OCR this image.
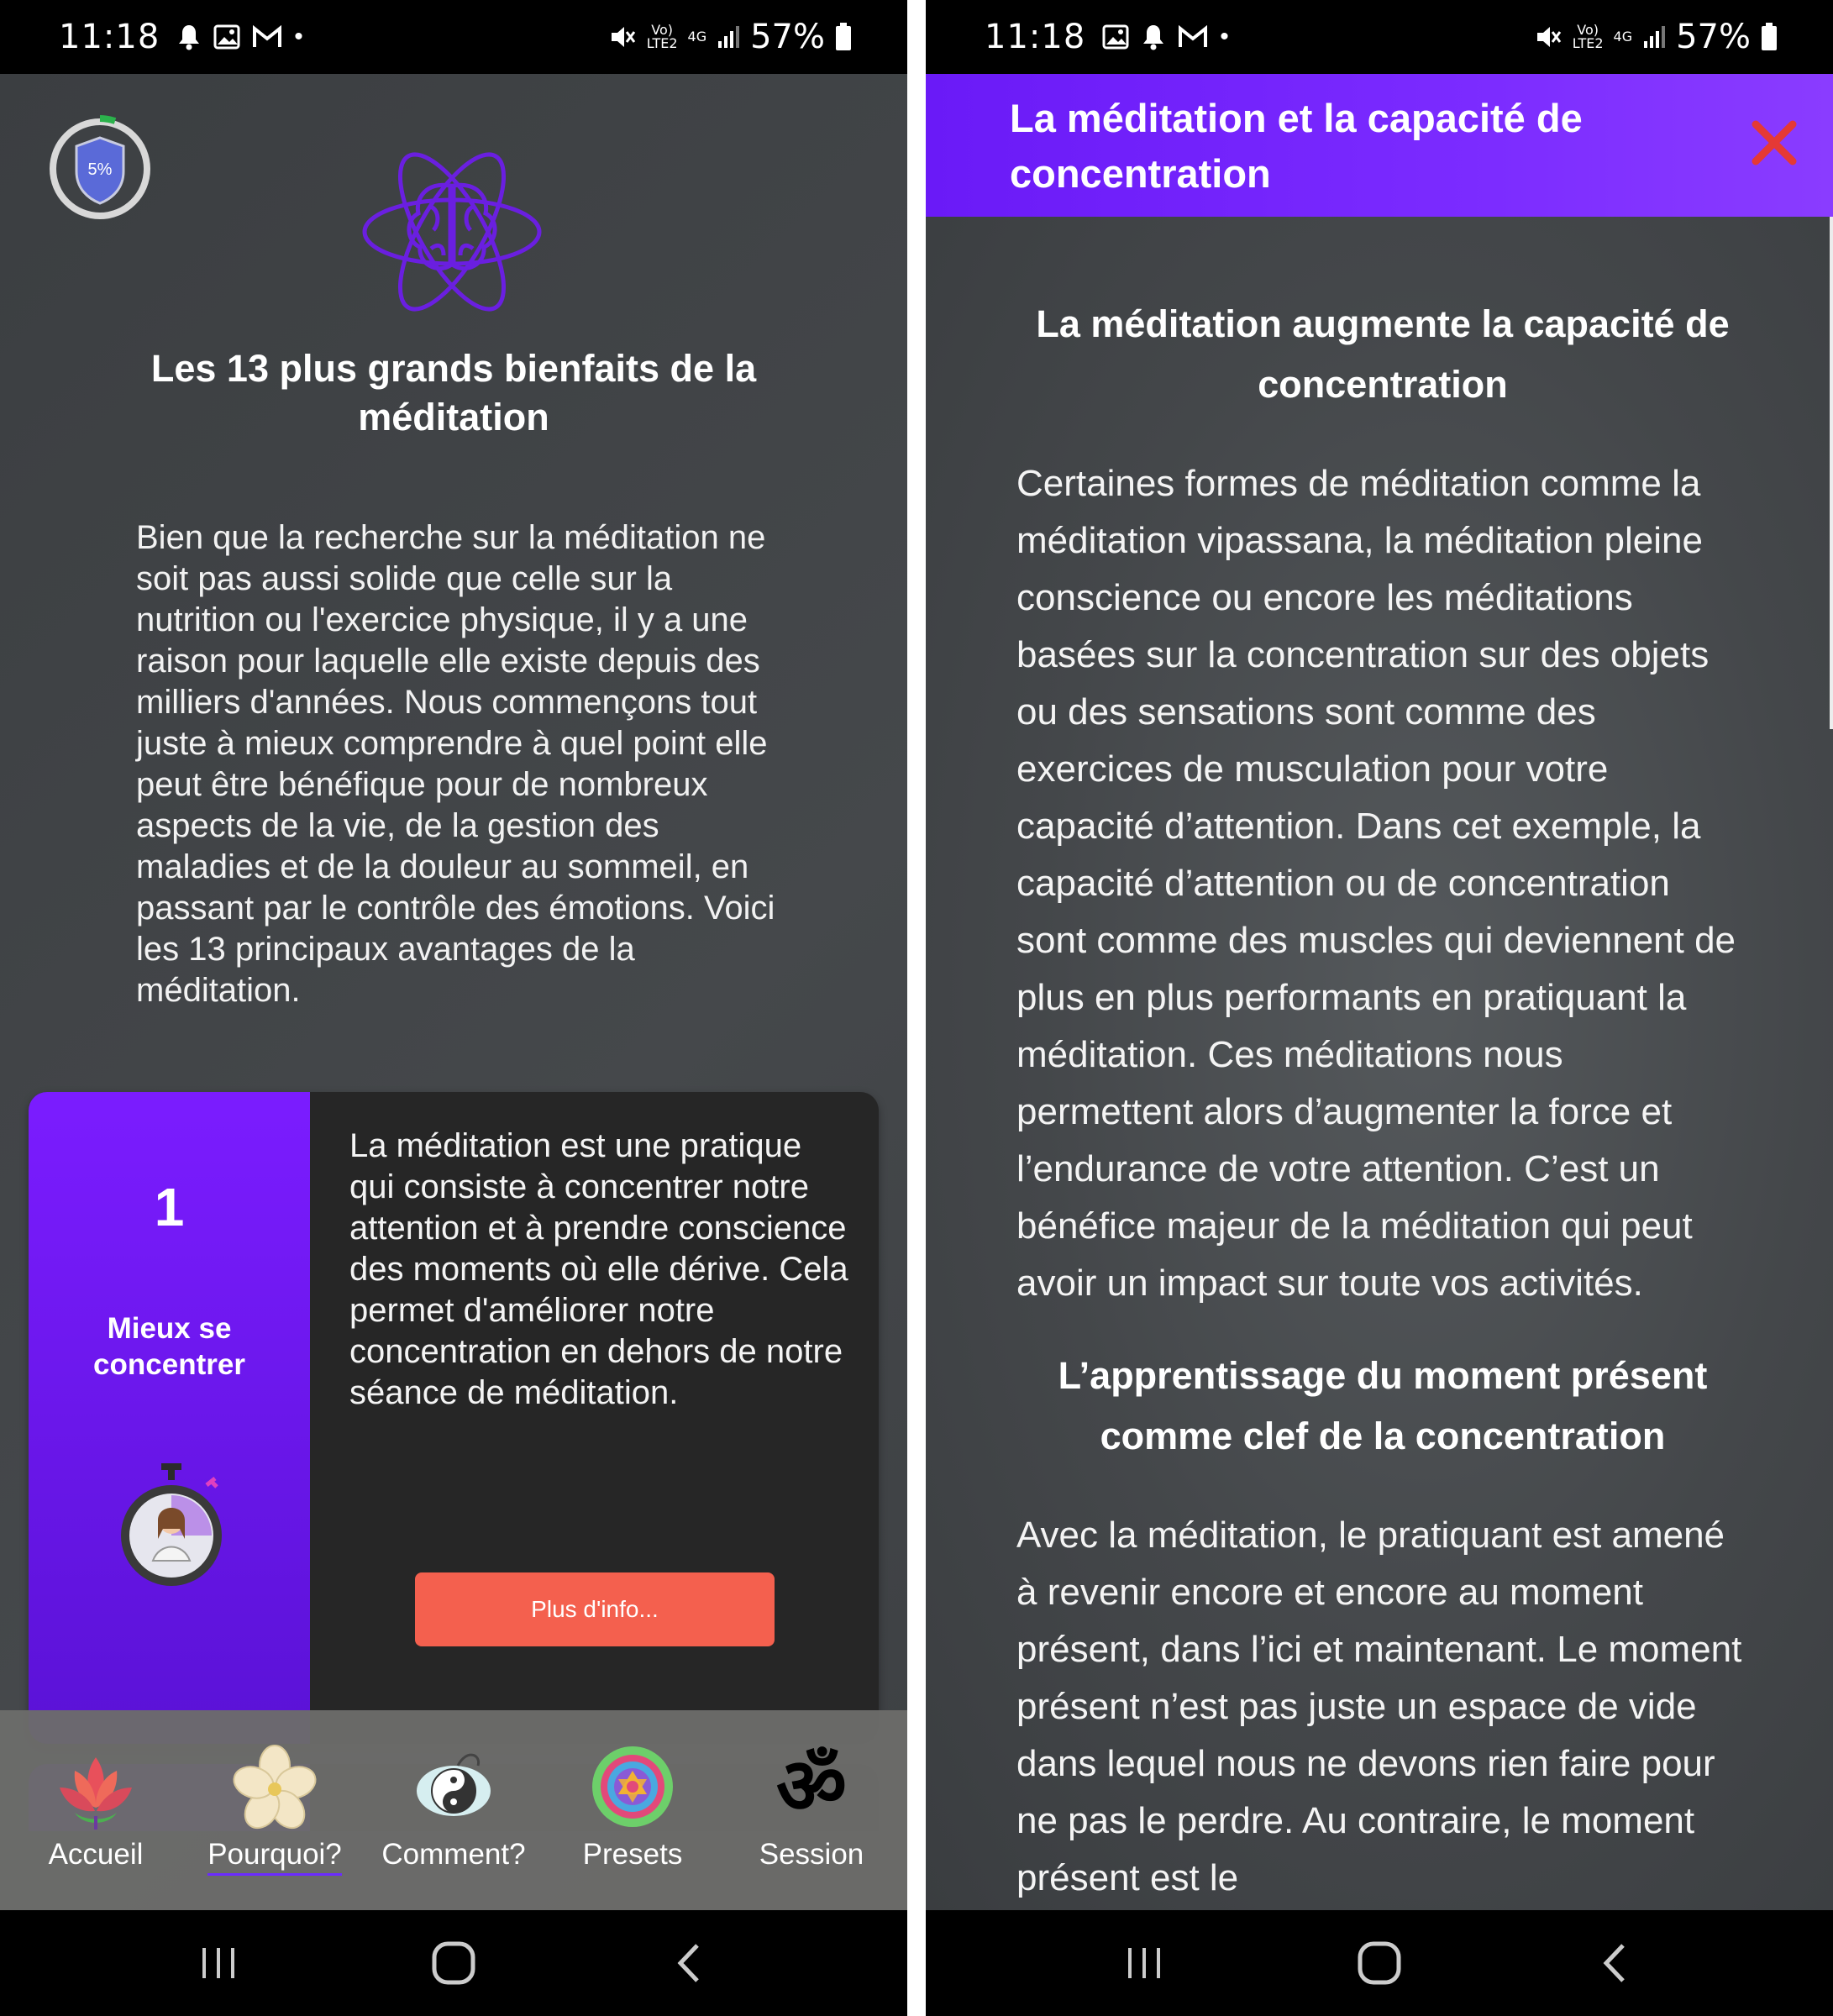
11:18	•	Vo)
LTE2 4G 57%
5%
Les 13 plus grands bienfaits de la méditation

Bien que la recherche sur la méditation ne soit pas aussi solide que celle sur la nutrition ou l'exercice physique, il y a une raison pour laquelle elle existe depuis des milliers d'années. Nous commençons tout juste à mieux comprendre à quel point elle peut être bénéfique pour de nombreux aspects de la vie, de la gestion des maladies et de la douleur au sommeil, en passant par le contrôle des émotions. Voici les 13 principaux avantages de la méditation.

1
Mieux se concentrer

La méditation est une pratique qui consiste à concentrer notre attention et à prendre conscience des moments où elle dérive. Cela permet d'améliorer notre concentration en dehors de notre séance de méditation.

Plus d'info...
Accueil Pourquoi? Comment? Presets
ॐ
Session
11:18	•	Vo)
LTE2 4G 57%
La méditation et la capacité de concentration
La méditation augmente la capacité de concentration

Certaines formes de méditation comme la méditation vipassana, la méditation pleine conscience ou encore les méditations basées sur la concentration sur des objets ou des sensations sont comme des exercices de musculation pour votre capacité d’attention. Dans cet exemple, la capacité d’attention ou de concentration sont comme des muscles qui deviennent de plus en plus performants en pratiquant la méditation. Ces méditations nous permettent alors d’augmenter la force et l’endurance de votre attention. C’est un bénéfice majeur de la méditation qui peut avoir un impact sur toute vos activités.

L’apprentissage du moment présent comme clef de la concentration

Avec la méditation, le pratiquant est amené à revenir encore et encore au moment présent, dans l’ici et maintenant. Le moment présent n’est pas juste un espace de vide dans lequel nous ne devons rien faire pour ne pas le perdre. Au contraire, le moment présent est le
